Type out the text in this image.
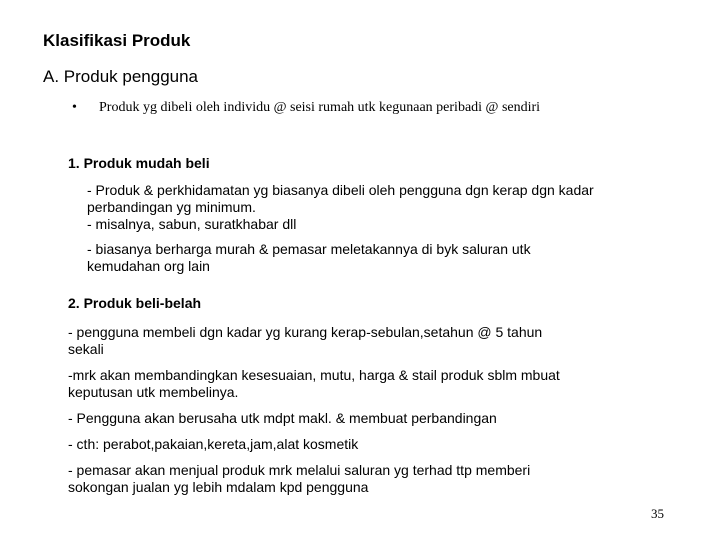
Klasifikasi Produk
A. Produk pengguna
•	Produk yg dibeli oleh individu @ seisi rumah utk kegunaan peribadi @ sendiri
1. Produk mudah beli
- Produk & perkhidamatan yg biasanya dibeli oleh pengguna dgn kerap dgn kadar
perbandingan yg minimum.
- misalnya, sabun, suratkhabar dll
- biasanya berharga murah & pemasar meletakannya di byk saluran utk
kemudahan org lain
2. Produk beli-belah
- pengguna membeli dgn kadar yg kurang kerap-sebulan,setahun @ 5 tahun
sekali
-mrk akan membandingkan kesesuaian, mutu, harga & stail produk sblm mbuat
keputusan utk membelinya.
- Pengguna akan berusaha utk mdpt makl. & membuat perbandingan
- cth: perabot,pakaian,kereta,jam,alat kosmetik
- pemasar akan menjual produk mrk melalui saluran yg terhad ttp memberi
sokongan jualan yg lebih mdalam kpd pengguna
35
